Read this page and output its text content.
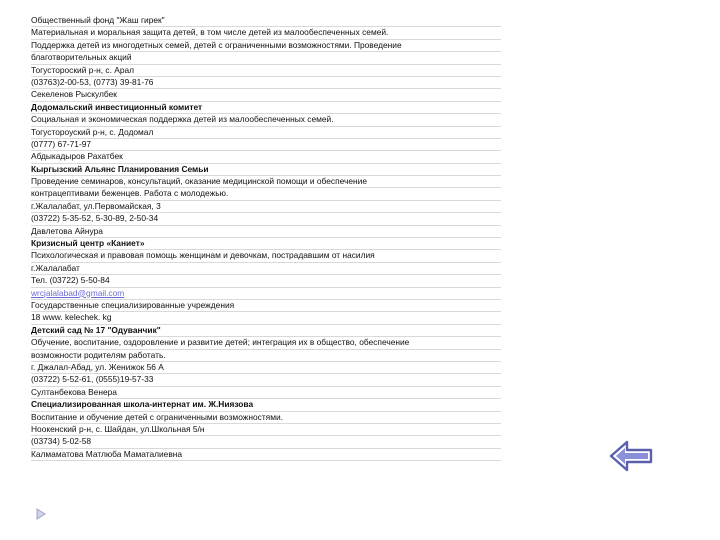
Общественный фонд "Жаш гирек"
Материальная и моральная защита детей, в том числе детей из малообеспеченных семей.
Поддержка детей из многодетных семей, детей с ограниченными возможностями. Проведение
благотворительных акций
Тогусторoский р-н, с. Арал
(03763)2-00-53, (0773) 39-81-76
Секеленов Рыскулбек
Додомальский инвестиционный комитет
Социальная и экономическая поддержка детей из малообеспеченных семей.
Тогустороуский р-н, с. Додомал
(0777) 67-71-97
Абдыкадыров Рахатбек
Кыргызский Альянс Планирования Семьи
Проведение семинаров, консультаций, оказание медицинской помощи и обеспечение
контрацептивами беженцев. Работа с молодежью.
г.Жалалабат, ул.Первомайская, 3
(03722) 5-35-52, 5-30-89, 2-50-34
Давлетова Айнура
Кризисный центр «Каниет»
Психологическая и правовая помощь женщинам и девочкам, пострадавшим от насилия
г.Жалалабат
Тел. (03722) 5-50-84
wrcjalalabad@gmail.com
Государственные специализированные учреждения
18 www. kelechek. kg
Детский сад № 17 "Одуванчик"
Обучение, воспитание, оздоровление и развитие детей; интеграция их в общество, обеспечение
возможности родителям работать.
г. Джалал-Абад, ул. Женижок 56 А
(03722) 5-52-61, (0555)19-57-33
Султанбекова Венера
Специализированная школа-интернат им. Ж.Ниязова
Воспитание и обучение детей с ограниченными возможностями.
Ноокенский р-н, с. Шайдан, ул.Школьная 5/н
(03734) 5-02-58
Калмаматова Матлюба Маматалиевна
